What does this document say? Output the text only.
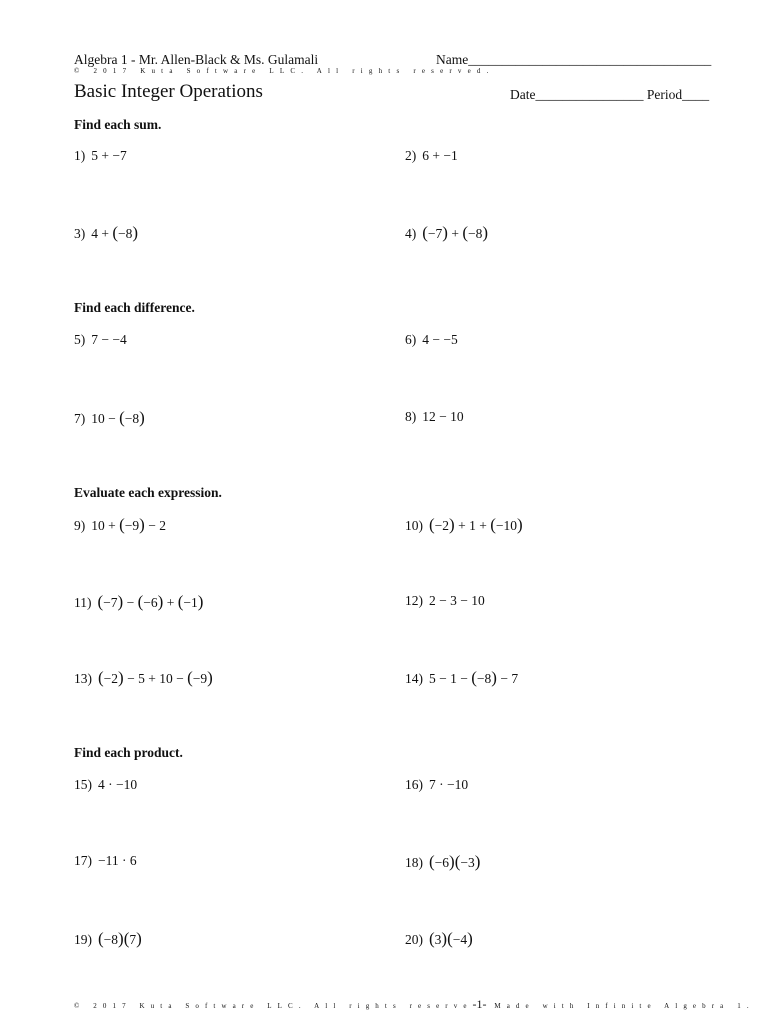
Algebra 1 - Mr. Allen-Black & Ms. Gulamali	Name____________________________________
© 2017 Kuta Software LLC. All rights reserved.
Basic Integer Operations	Date________________ Period____
Find each sum.
Find each difference.
Evaluate each expression.
Find each product.
1) 5 + −7	2) 6 + −1
3) 4 + (−8)	4) (−7) + (−8)
5) 7 − −4	6) 4 − −5
7) 10 − (−8)	8) 12 − 10
9) 10 + (−9) − 2	10) (−2) + 1 + (−10)
11) (−7) − (−6) + (−1)	12) 2 − 3 − 10
13) (−2) − 5 + 10 − (−9)	14) 5 − 1 − (−8) − 7
15) 4 · −10	16) 7 · −10
17) −11 · 6	18) (−6)(−3)
19) (−8)(7)	20) (3)(−4)
© 2017 Kuta Software LLC. All rights reserve-1- Made with Infinite Algebra 1.
